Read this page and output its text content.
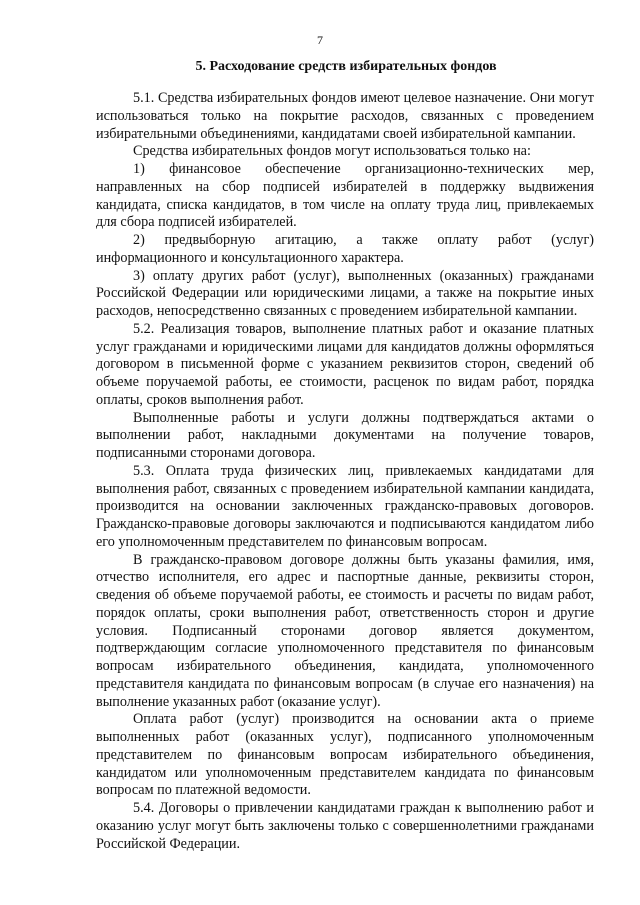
7
5. Расходование средств избирательных фондов

5.1. Средства избирательных фондов имеют целевое назначение. Они могут использоваться только на покрытие расходов, связанных с проведением избирательными объединениями, кандидатами своей избирательной кампании.

Средства избирательных фондов могут использоваться только на:

1) финансовое обеспечение организационно-технических мер, направленных на сбор подписей избирателей в поддержку выдвижения кандидата, списка кандидатов, в том числе на оплату труда лиц, привлекаемых для сбора подписей избирателей.

2) предвыборную агитацию, а также оплату работ (услуг) информационного и консультационного характера.

3) оплату других работ (услуг), выполненных (оказанных) гражданами Российской Федерации или юридическими лицами, а также на покрытие иных расходов, непосредственно связанных с проведением избирательной кампании.

5.2. Реализация товаров, выполнение платных работ и оказание платных услуг гражданами и юридическими лицами для кандидатов должны оформляться договором в письменной форме с указанием реквизитов сторон, сведений об объеме поручаемой работы, ее стоимости, расценок по видам работ, порядка оплаты, сроков выполнения работ.

Выполненные работы и услуги должны подтверждаться актами о выполнении работ, накладными документами на получение товаров, подписанными сторонами договора.

5.3. Оплата труда физических лиц, привлекаемых кандидатами для выполнения работ, связанных с проведением избирательной кампании кандидата, производится на основании заключенных гражданско-правовых договоров. Гражданско-правовые договоры заключаются и подписываются кандидатом либо его уполномоченным представителем по финансовым вопросам.

В гражданско-правовом договоре должны быть указаны фамилия, имя, отчество исполнителя, его адрес и паспортные данные, реквизиты сторон, сведения об объеме поручаемой работы, ее стоимость и расчеты по видам работ, порядок оплаты, сроки выполнения работ, ответственность сторон и другие условия. Подписанный сторонами договор является документом, подтверждающим согласие уполномоченного представителя по финансовым вопросам избирательного объединения, кандидата, уполномоченного представителя кандидата по финансовым вопросам (в случае его назначения) на выполнение указанных работ (оказание услуг).

Оплата работ (услуг) производится на основании акта о приеме выполненных работ (оказанных услуг), подписанного уполномоченным представителем по финансовым вопросам избирательного объединения, кандидатом или уполномоченным представителем кандидата по финансовым вопросам по платежной ведомости.

5.4. Договоры о привлечении кандидатами граждан к выполнению работ и оказанию услуг могут быть заключены только с совершеннолетними гражданами Российской Федерации.
